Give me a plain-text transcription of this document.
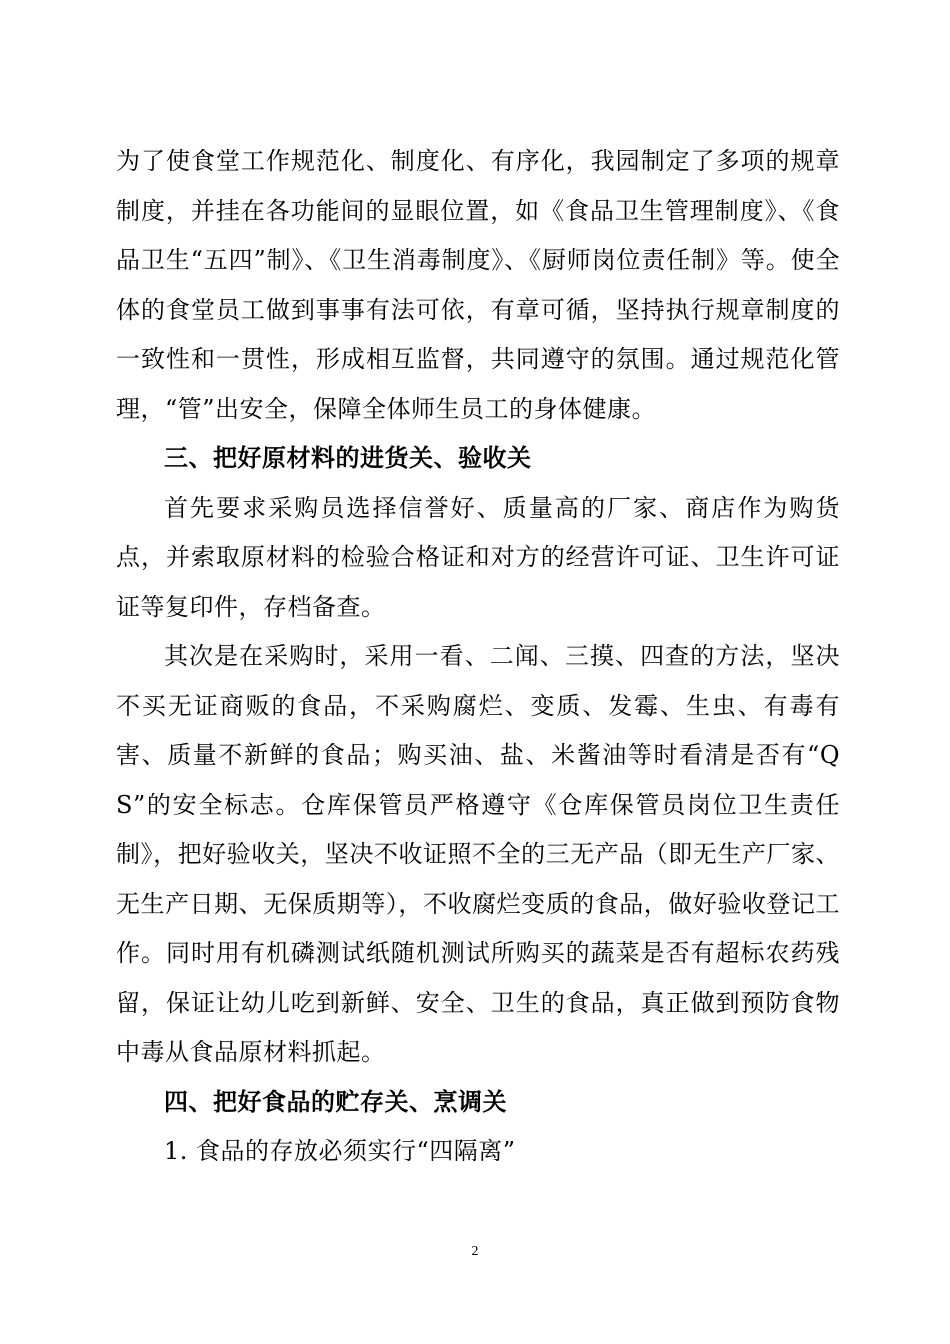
为了使食堂工作规范化、制度化、有序化，我园制定了多项的规章制度，并挂在各功能间的显眼位置，如《食品卫生管理制度》、《食品卫生“五四”制》、《卫生消毒制度》、《厨师岗位责任制》等。使全体的食堂员工做到事事有法可依，有章可循，坚持执行规章制度的一致性和一贯性，形成相互监督，共同遵守的氛围。通过规范化管理，“管”出安全，保障全体师生员工的身体健康。

三、把好原材料的进货关、验收关

首先要求采购员选择信誉好、质量高的厂家、商店作为购货点，并索取原材料的检验合格证和对方的经营许可证、卫生许可证证等复印件，存档备查。

其次是在采购时，采用一看、二闻、三摸、四查的方法，坚决不买无证商贩的食品，不采购腐烂、变质、发霉、生虫、有毒有害、质量不新鲜的食品；购买油、盐、米酱油等时看清是否有“QS”的安全标志。仓库保管员严格遵守《仓库保管员岗位卫生责任制》，把好验收关，坚决不收证照不全的三无产品（即无生产厂家、无生产日期、无保质期等），不收腐烂变质的食品，做好验收登记工作。同时用有机磷测试纸随机测试所购买的蔬菜是否有超标农药残留，保证让幼儿吃到新鲜、安全、卫生的食品，真正做到预防食物中毒从食品原材料抓起。

四、把好食品的贮存关、烹调关

1. 食品的存放必须实行“四隔离”

2
